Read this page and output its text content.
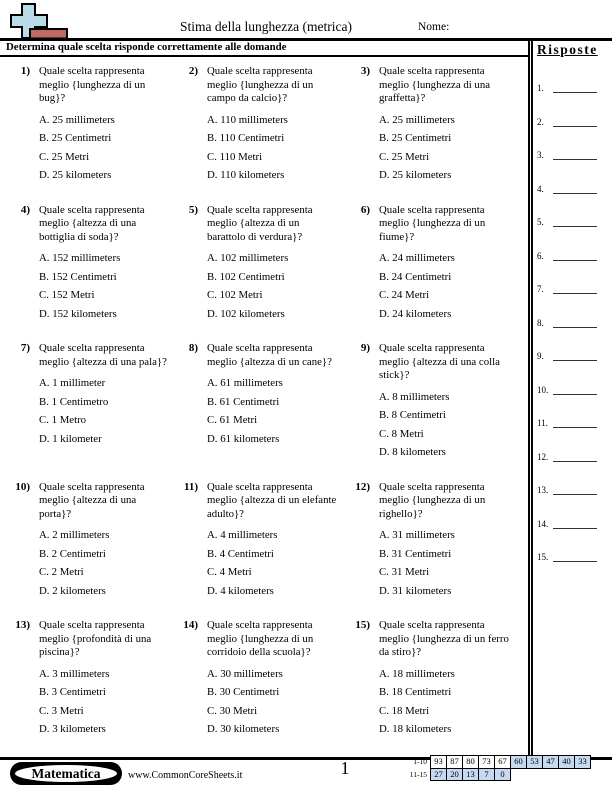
Stima della lunghezza (metrica)	Nome:
Determina quale scelta risponde correttamente alle domande
1) Quale scelta rappresenta meglio {lunghezza di un bug}?
A. 25 millimeters
B. 25 Centimetri
C. 25 Metri
D. 25 kilometers
2) Quale scelta rappresenta meglio {lunghezza di un campo da calcio}?
A. 110 millimeters
B. 110 Centimetri
C. 110 Metri
D. 110 kilometers
3) Quale scelta rappresenta meglio {lunghezza di una graffetta}?
A. 25 millimeters
B. 25 Centimetri
C. 25 Metri
D. 25 kilometers
4) Quale scelta rappresenta meglio {altezza di una bottiglia di soda}?
A. 152 millimeters
B. 152 Centimetri
C. 152 Metri
D. 152 kilometers
5) Quale scelta rappresenta meglio {altezza di un barattolo di verdura}?
A. 102 millimeters
B. 102 Centimetri
C. 102 Metri
D. 102 kilometers
6) Quale scelta rappresenta meglio {lunghezza di un fiume}?
A. 24 millimeters
B. 24 Centimetri
C. 24 Metri
D. 24 kilometers
7) Quale scelta rappresenta meglio {altezza di una pala}?
A. 1 millimeter
B. 1 Centimetro
C. 1 Metro
D. 1 kilometer
8) Quale scelta rappresenta meglio {altezza di un cane}?
A. 61 millimeters
B. 61 Centimetri
C. 61 Metri
D. 61 kilometers
9) Quale scelta rappresenta meglio {altezza di una colla stick}?
A. 8 millimeters
B. 8 Centimetri
C. 8 Metri
D. 8 kilometers
10) Quale scelta rappresenta meglio {altezza di una porta}?
A. 2 millimeters
B. 2 Centimetri
C. 2 Metri
D. 2 kilometers
11) Quale scelta rappresenta meglio {altezza di un elefante adulto}?
A. 4 millimeters
B. 4 Centimetri
C. 4 Metri
D. 4 kilometers
12) Quale scelta rappresenta meglio {lunghezza di un righello}?
A. 31 millimeters
B. 31 Centimetri
C. 31 Metri
D. 31 kilometers
13) Quale scelta rappresenta meglio {profondità di una piscina}?
A. 3 millimeters
B. 3 Centimetri
C. 3 Metri
D. 3 kilometers
14) Quale scelta rappresenta meglio {lunghezza di un corridoio della scuola}?
A. 30 millimeters
B. 30 Centimetri
C. 30 Metri
D. 30 kilometers
15) Quale scelta rappresenta meglio {lunghezza di un ferro da stiro}?
A. 18 millimeters
B. 18 Centimetri
C. 18 Metri
D. 18 kilometers
Risposte
1.
2.
3.
4.
5.
6.
7.
8.
9.
10.
11.
12.
13.
14.
15.
Matematica	www.CommonCoreSheets.it	1	1-10 93 87 80 73 67 60 53 47 40 33
11-15 27 20 13	7	0
